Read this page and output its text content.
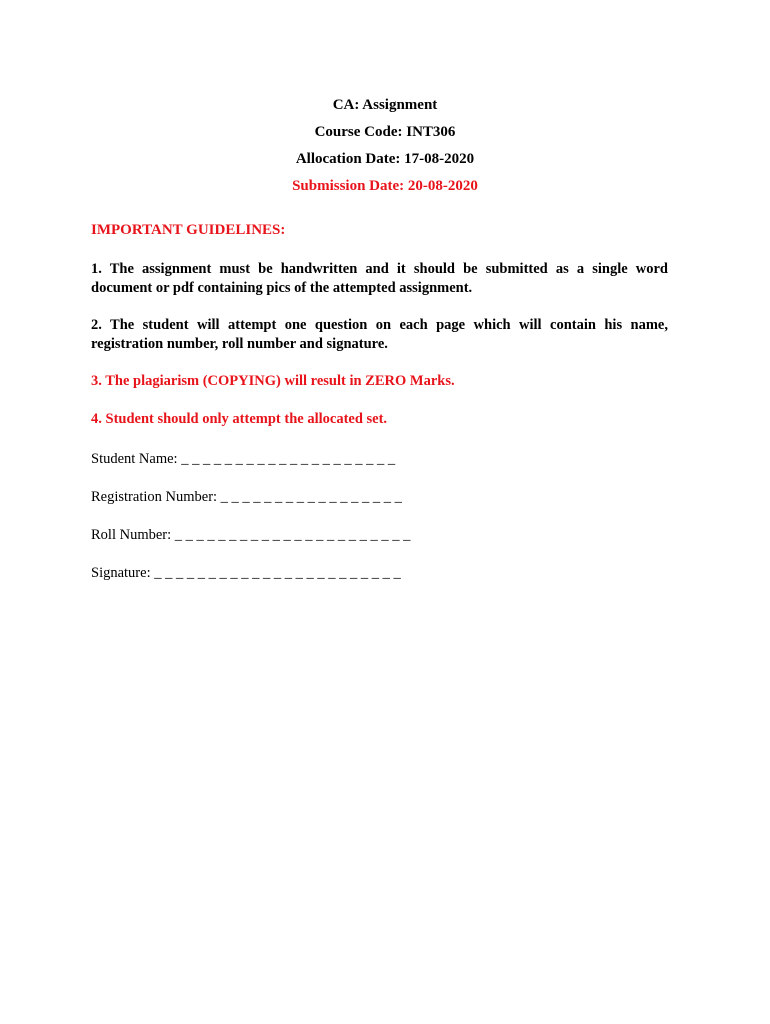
CA: Assignment
Course Code: INT306
Allocation Date: 17-08-2020
Submission Date: 20-08-2020
IMPORTANT GUIDELINES:
1. The assignment must be handwritten and it should be submitted as a single word document or pdf containing pics of the attempted assignment.
2. The student will attempt one question on each page which will contain his name, registration number, roll number and signature.
3. The plagiarism (COPYING) will result in ZERO Marks.
4. Student should only attempt the allocated set.
Student Name: _ _ _ _ _ _ _ _ _ _ _ _ _ _ _ _ _ _ _ _
Registration Number: _ _ _ _ _ _ _ _ _ _ _ _ _ _ _ _ _
Roll Number: _ _ _ _ _ _ _ _ _ _ _ _ _ _ _ _ _ _ _ _ _ _
Signature: _ _ _ _ _ _ _ _ _ _ _ _ _ _ _ _ _ _ _ _ _ _ _
